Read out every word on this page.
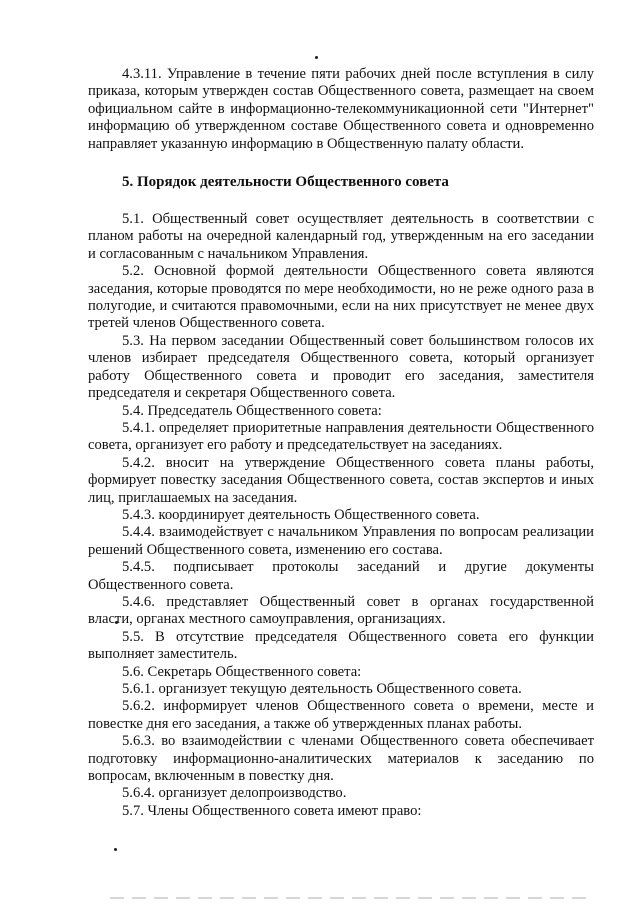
4.3.11. Управление в течение пяти рабочих дней после вступления в силу приказа, которым утвержден состав Общественного совета, размещает на своем официальном сайте в информационно-телекоммуникационной сети "Интернет" информацию об утвержденном составе Общественного совета и одновременно направляет указанную информацию в Общественную палату области.

5. Порядок деятельности Общественного совета

5.1. Общественный совет осуществляет деятельность в соответствии с планом работы на очередной календарный год, утвержденным на его заседании и согласованным с начальником Управления.

5.2. Основной формой деятельности Общественного совета являются заседания, которые проводятся по мере необходимости, но не реже одного раза в полугодие, и считаются правомочными, если на них присутствует не менее двух третей членов Общественного совета.

5.3. На первом заседании Общественный совет большинством голосов их членов избирает председателя Общественного совета, который организует работу Общественного совета и проводит его заседания, заместителя председателя и секретаря Общественного совета.

5.4. Председатель Общественного совета:

5.4.1. определяет приоритетные направления деятельности Общественного совета, организует его работу и председательствует на заседаниях.

5.4.2. вносит на утверждение Общественного совета планы работы, формирует повестку заседания Общественного совета, состав экспертов и иных лиц, приглашаемых на заседания.

5.4.3. координирует деятельность Общественного совета.

5.4.4. взаимодействует с начальником Управления по вопросам реализации решений Общественного совета, изменению его состава.

5.4.5. подписывает протоколы заседаний и другие документы Общественного совета.

5.4.6. представляет Общественный совет в органах государственной власти, органах местного самоуправления, организациях.

5.5. В отсутствие председателя Общественного совета его функции выполняет заместитель.

5.6. Секретарь Общественного совета:

5.6.1. организует текущую деятельность Общественного совета.

5.6.2. информирует членов Общественного совета о времени, месте и повестке дня его заседания, а также об утвержденных планах работы.

5.6.3. во взаимодействии с членами Общественного совета обеспечивает подготовку информационно-аналитических материалов к заседанию по вопросам, включенным в повестку дня.

5.6.4. организует делопроизводство.

5.7. Члены Общественного совета имеют право:
